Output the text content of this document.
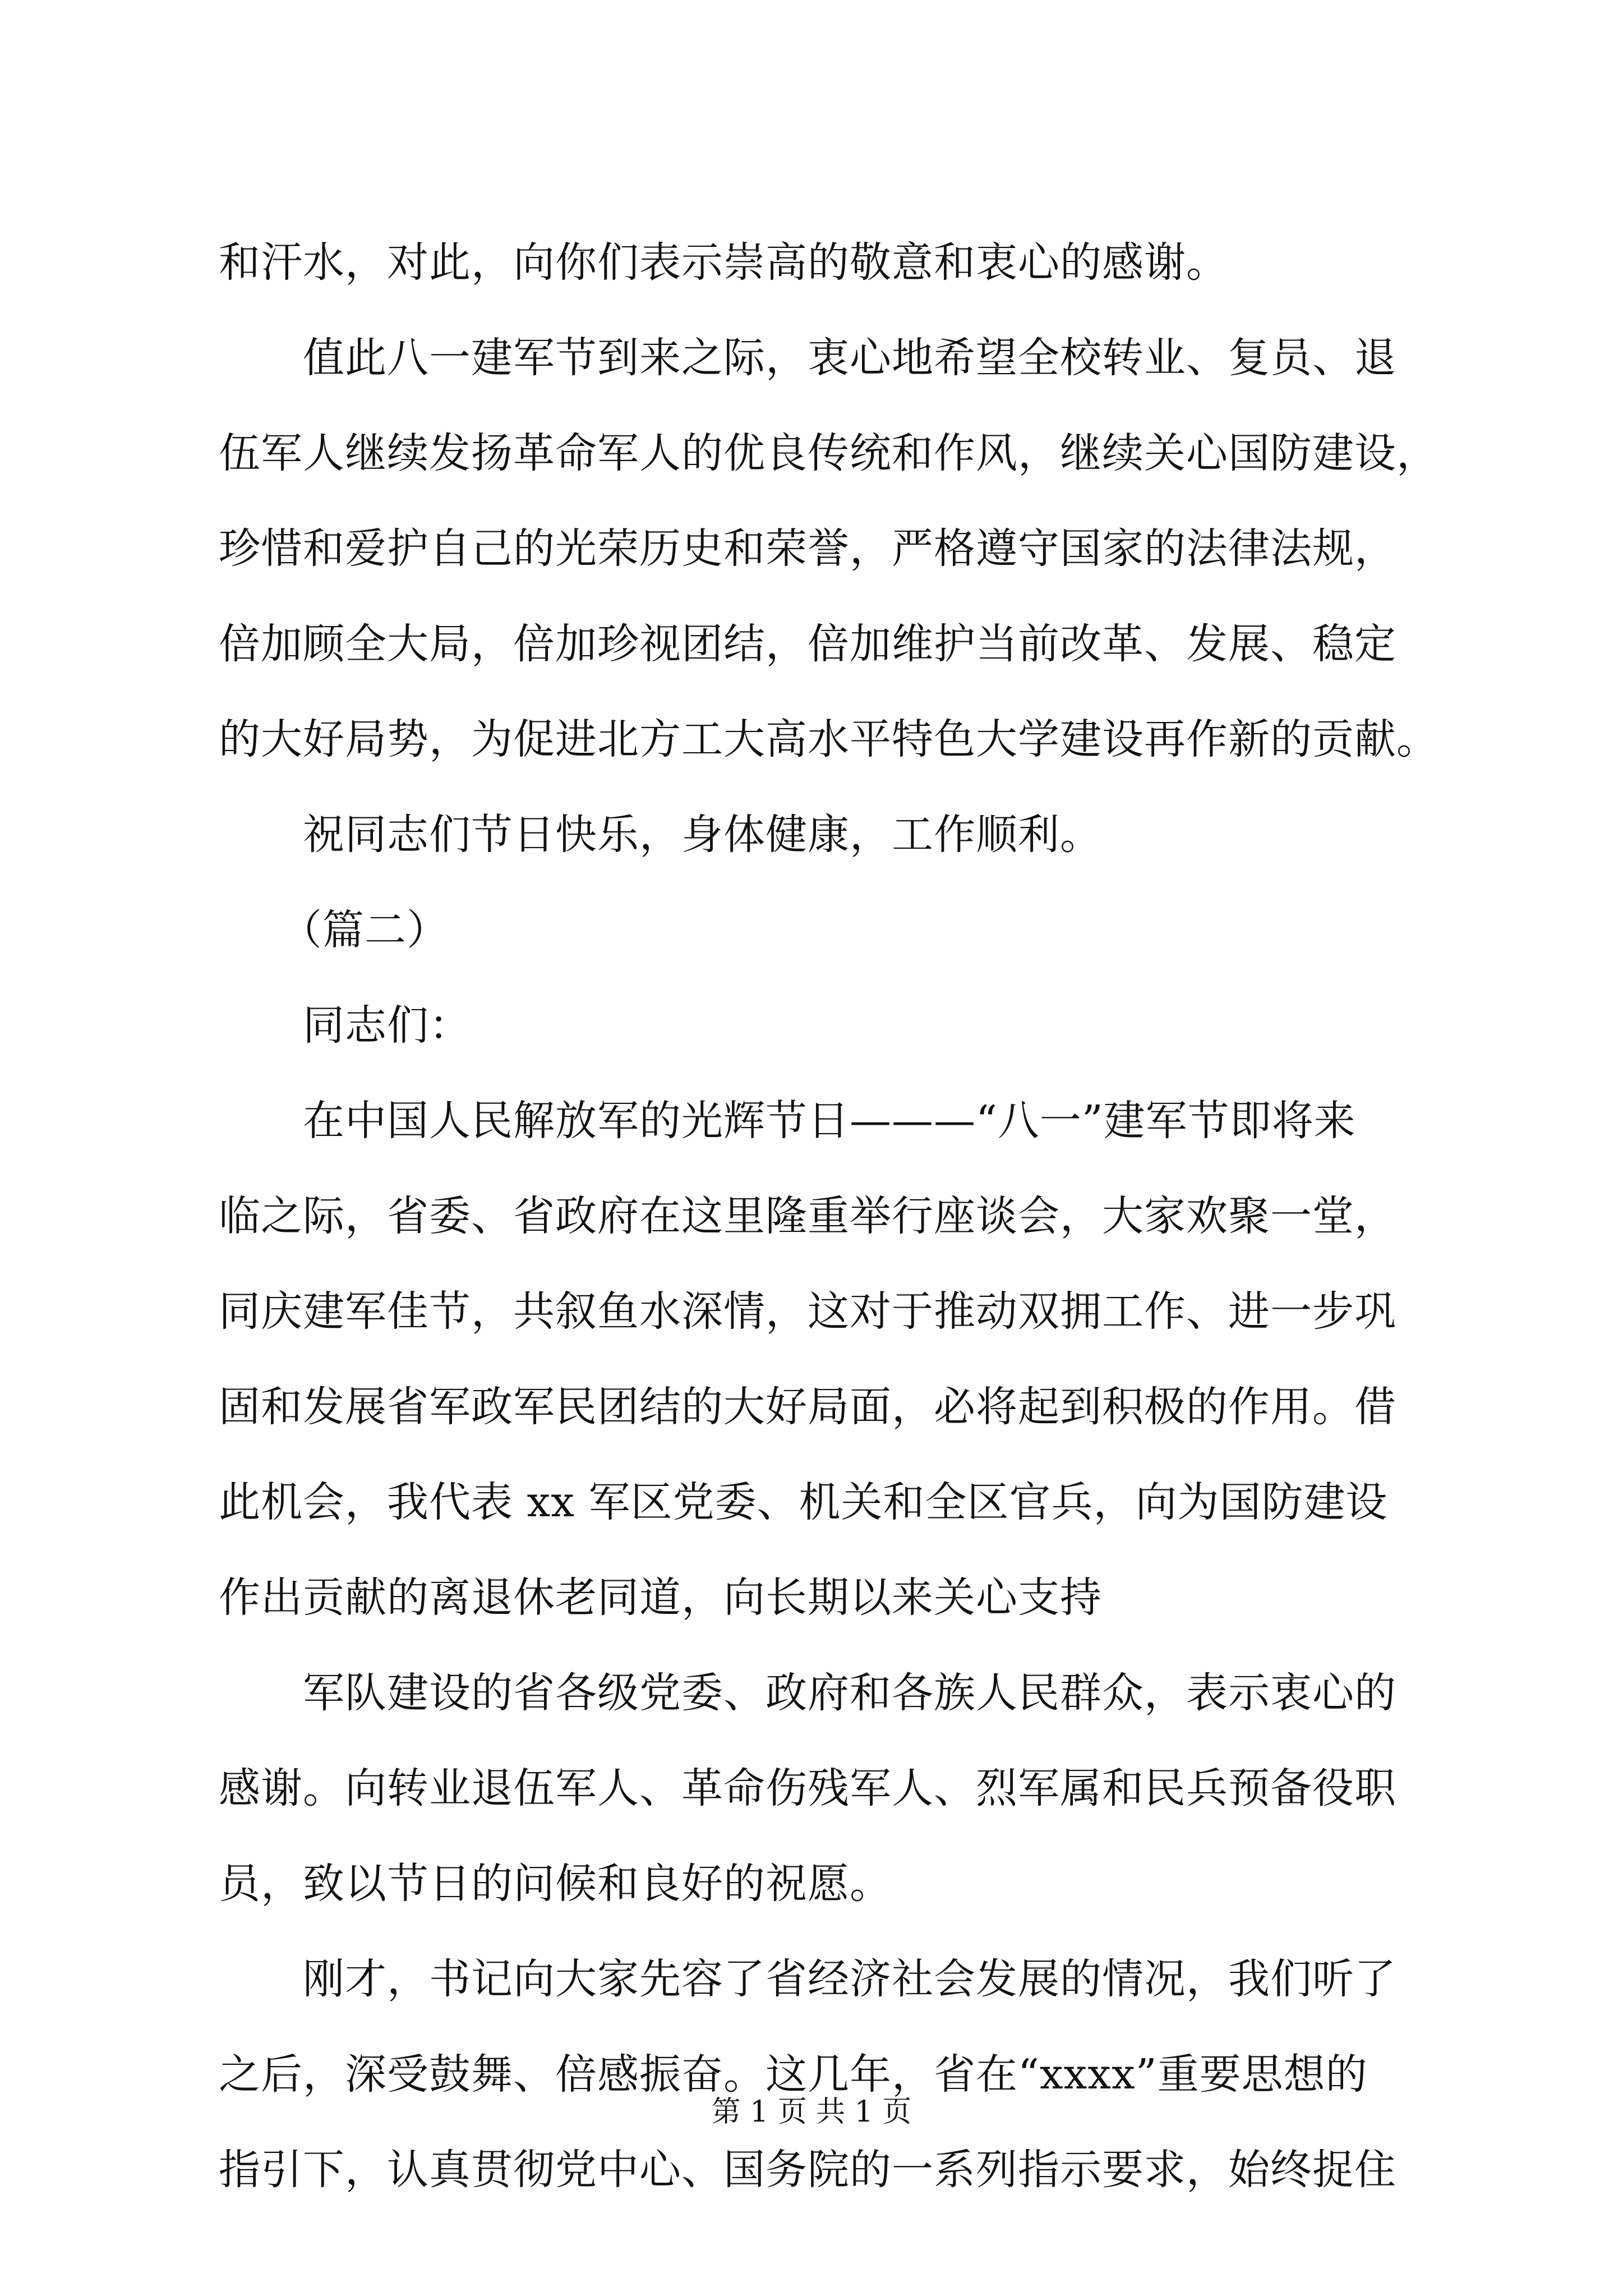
和汗水，对此，向你们表示崇高的敬意和衷心的感谢。
值此八一建军节到来之际，衷心地希望全校转业、复员、退
伍军人继续发扬革命军人的优良传统和作风，继续关心国防建设，
珍惜和爱护自己的光荣历史和荣誉，严格遵守国家的法律法规，
倍加顾全大局，倍加珍视团结，倍加维护当前改革、发展、稳定
的大好局势，为促进北方工大高水平特色大学建设再作新的贡献。
祝同志们节日快乐，身体健康，工作顺利。
（篇二）
同志们：
在中国人民解放军的光辉节日———“八一”建军节即将来
临之际，省委、省政府在这里隆重举行座谈会，大家欢聚一堂，
同庆建军佳节，共叙鱼水深情，这对于推动双拥工作、进一步巩
固和发展省军政军民团结的大好局面，必将起到积极的作用。借
此机会，我代表 xx 军区党委、机关和全区官兵，向为国防建设
作出贡献的离退休老同道，向长期以来关心支持
军队建设的省各级党委、政府和各族人民群众，表示衷心的
感谢。向转业退伍军人、革命伤残军人、烈军属和民兵预备役职
员，致以节日的问候和良好的祝愿。
刚才，书记向大家先容了省经济社会发展的情况，我们听了
之后，深受鼓舞、倍感振奋。这几年，省在“xxxx”重要思想的
指引下，认真贯彻党中心、国务院的一系列指示要求，始终捉住
第 1 页 共 1 页
